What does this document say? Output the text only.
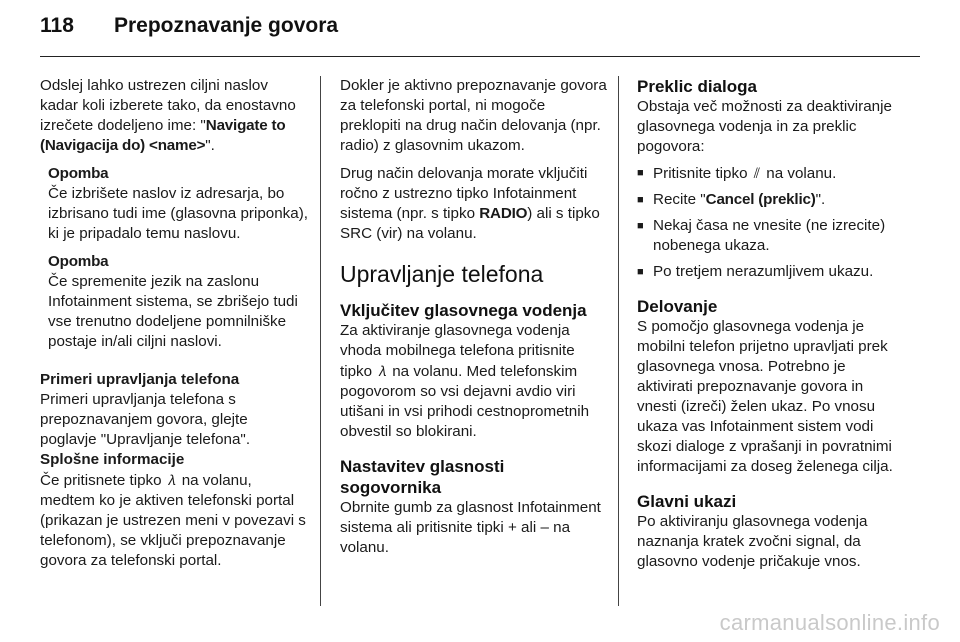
118 Prepoznavanje govora

Odslej lahko ustrezen ciljni naslov kadar koli izberete tako, da enostavno izrečete dodeljeno ime: "Navigate to (Navigacija do) <name>".

Opomba

Če izbrišete naslov iz adresarja, bo izbrisano tudi ime (glasovna priponka), ki je pripadalo temu naslovu.

Opomba

Če spremenite jezik na zaslonu Infotainment sistema, se zbrišejo tudi vse trenutno dodeljene pomnilniške postaje in/ali ciljni naslovi.

Primeri upravljanja telefona

Primeri upravljanja telefona s prepoznavanjem govora, glejte poglavje "Upravljanje telefona".

Splošne informacije

Če pritisnete tipko 𝜆 na volanu, medtem ko je aktiven telefonski portal (prikazan je ustrezen meni v povezavi s telefonom), se vključi prepoznavanje govora za telefonski portal.

Dokler je aktivno prepoznavanje govora za telefonski portal, ni mogoče preklopiti na drug način delovanja (npr. radio) z glasovnim ukazom.

Drug način delovanja morate vključiti ročno z ustrezno tipko Infotainment sistema (npr. s tipko RADIO) ali s tipko SRC (vir) na volanu.

Upravljanje telefona

Vključitev glasovnega vodenja

Za aktiviranje glasovnega vodenja vhoda mobilnega telefona pritisnite tipko 𝜆 na volanu. Med telefonskim pogovorom so vsi dejavni avdio viri utišani in vsi prihodi cestnoprometnih obvestil so blokirani.

Nastavitev glasnosti sogovornika

Obrnite gumb za glasnost Infotainment sistema ali pritisnite tipki + ali – na volanu.

Preklic dialoga

Obstaja več možnosti za deaktiviranje glasovnega vodenja in za preklic pogovora:

■ Pritisnite tipko ⫽ na volanu.
■ Recite "Cancel (preklic)".
■ Nekaj časa ne vnesite (ne izrecite) nobenega ukaza.
■ Po tretjem nerazumljivem ukazu.

Delovanje

S pomočjo glasovnega vodenja je mobilni telefon prijetno upravljati prek glasovnega vnosa. Potrebno je aktivirati prepoznavanje govora in vnesti (izreči) želen ukaz. Po vnosu ukaza vas Infotainment sistem vodi skozi dialoge z vprašanji in povratnimi informacijami za doseg želenega cilja.

Glavni ukazi

Po aktiviranju glasovnega vodenja naznanja kratek zvočni signal, da glasovno vodenje pričakuje vnos.

carmanualsonline.info
